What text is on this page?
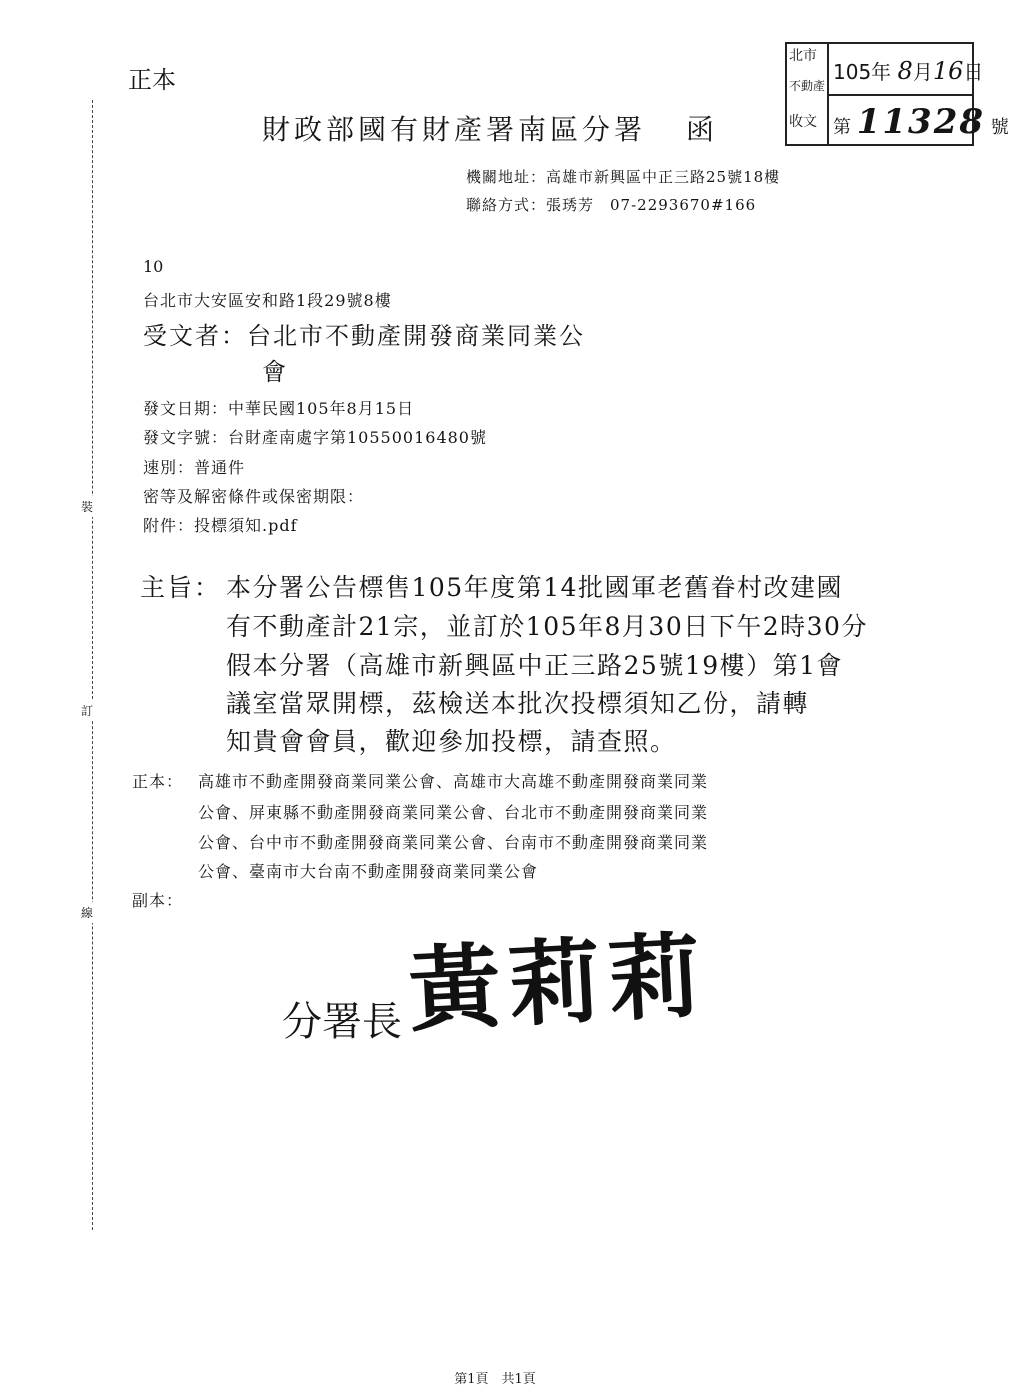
正本
裝
訂
線
財政部國有財產署南區分署 函
北市
不動產
收文
105年 8月16日
第 11328 號
機關地址：高雄市新興區中正三路25號18樓
聯絡方式：張琇芳　07-2293670#166
10
台北市大安區安和路1段29號8樓
受文者：台北市不動產開發商業同業公
會
發文日期：中華民國105年8月15日
發文字號：台財產南處字第10550016480號
速別：普通件
密等及解密條件或保密期限：
附件：投標須知.pdf
主旨： 本分署公告標售105年度第14批國軍老舊眷村改建國
有不動產計21宗，並訂於105年8月30日下午2時30分
假本分署（高雄市新興區中正三路25號19樓）第1會
議室當眾開標，茲檢送本批次投標須知乙份，請轉
知貴會會員，歡迎參加投標，請查照。
正本： 高雄市不動產開發商業同業公會、高雄市大高雄不動產開發商業同業
公會、屏東縣不動產開發商業同業公會、台北市不動產開發商業同業
公會、台中市不動產開發商業同業公會、台南市不動產開發商業同業
公會、臺南市大台南不動產開發商業同業公會
副本：
分署長 黃莉莉
第1頁　共1頁
